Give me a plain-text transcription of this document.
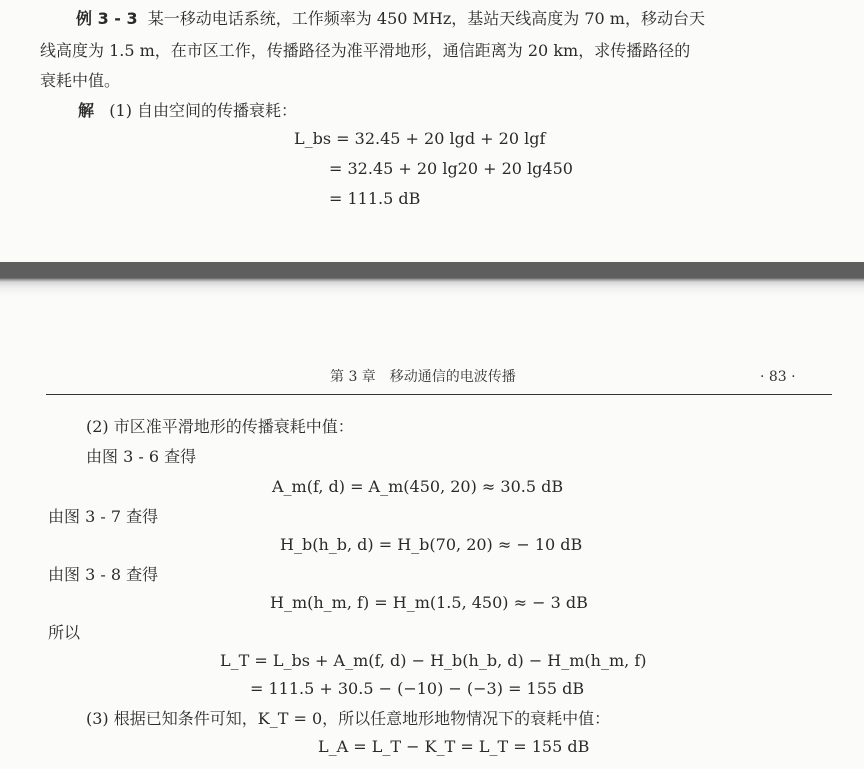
例 3 - 3 某一移动电话系统，工作频率为 450 MHz，基站天线高度为 70 m，移动台天
线高度为 1.5 m，在市区工作，传播路径为准平滑地形，通信距离为 20 km，求传播路径的
衰耗中值。
解 (1) 自由空间的传播衰耗：
L_bs = 32.45 + 20 lgd + 20 lgf
= 32.45 + 20 lg20 + 20 lg450
= 111.5 dB
第 3 章　移动通信的电波传播	· 83 ·
(2) 市区准平滑地形的传播衰耗中值：
由图 3 - 6 查得
A_m(f, d) = A_m(450, 20) ≈ 30.5 dB
由图 3 - 7 查得
H_b(h_b, d) = H_b(70, 20) ≈ − 10 dB
由图 3 - 8 查得
H_m(h_m, f) = H_m(1.5, 450) ≈ − 3 dB
所以
L_T = L_bs + A_m(f, d) − H_b(h_b, d) − H_m(h_m, f)
= 111.5 + 30.5 − (−10) − (−3) = 155 dB
(3) 根据已知条件可知，K_T = 0，所以任意地形地物情况下的衰耗中值：
L_A = L_T − K_T = L_T = 155 dB
